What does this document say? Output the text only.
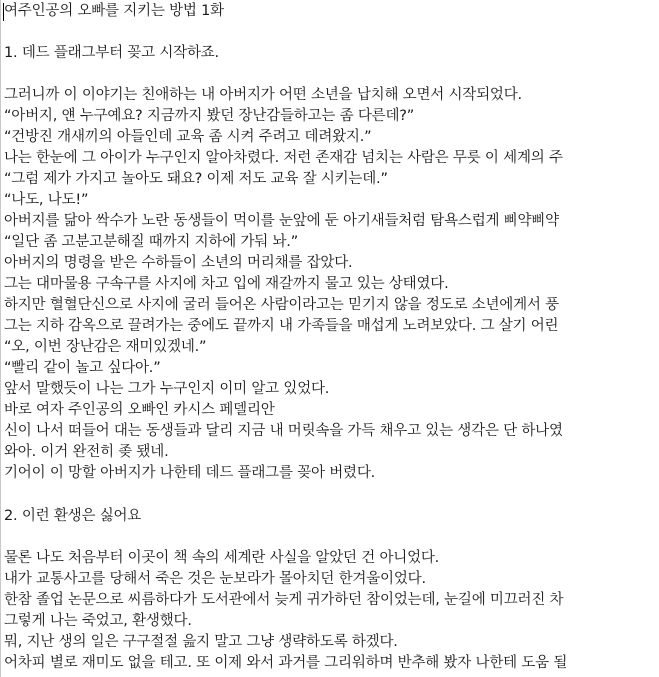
여주인공의 오빠를 지키는 방법 1화
1. 데드 플래그부터 꽂고 시작하죠.
그러니까 이 이야기는 친애하는 내 아버지가 어떤 소년을 납치해 오면서 시작되었다.
“아버지, 얜 누구예요? 지금까지 봤던 장난감들하고는 좀 다른데?”
“건방진 개새끼의 아들인데 교육 좀 시켜 주려고 데려왔지.”
나는 한눈에 그 아이가 누구인지 알아차렸다. 저런 존재감 넘치는 사람은 무릇 이 세계의 주
“그럼 제가 가지고 놀아도 돼요? 이제 저도 교육 잘 시키는데.”
“나도, 나도!”
아버지를 닮아 싹수가 노란 동생들이 먹이를 눈앞에 둔 아기새들처럼 탐욕스럽게 삐약삐약
“일단 좀 고분고분해질 때까지 지하에 가둬 놔.”
아버지의 명령을 받은 수하들이 소년의 머리채를 잡았다.
그는 대마물용 구속구를 사지에 차고 입에 재갈까지 물고 있는 상태였다.
하지만 혈혈단신으로 사지에 굴러 들어온 사람이라고는 믿기지 않을 정도로 소년에게서 풍
그는 지하 감옥으로 끌려가는 중에도 끝까지 내 가족들을 매섭게 노려보았다. 그 살기 어린
“오, 이번 장난감은 재미있겠네.”
“빨리 같이 놀고 싶다아.”
앞서 말했듯이 나는 그가 누구인지 이미 알고 있었다.
바로 여자 주인공의 오빠인 카시스 페델리안
신이 나서 떠들어 대는 동생들과 달리 지금 내 머릿속을 가득 채우고 있는 생각은 단 하나였
와아. 이거 완전히 좆 됐네.
기어이 이 망할 아버지가 나한테 데드 플래그를 꽂아 버렸다.
2. 이런 환생은 싫어요
물론 나도 처음부터 이곳이 책 속의 세계란 사실을 알았던 건 아니었다.
내가 교통사고를 당해서 죽은 것은 눈보라가 몰아치던 한겨울이었다.
한참 졸업 논문으로 씨름하다가 도서관에서 늦게 귀가하던 참이었는데, 눈길에 미끄러진 차
그렇게 나는 죽었고, 환생했다.
뭐, 지난 생의 일은 구구절절 읊지 말고 그냥 생략하도록 하겠다.
어차피 별로 재미도 없을 테고. 또 이제 와서 과거를 그리워하며 반추해 봤자 나한테 도움 될
